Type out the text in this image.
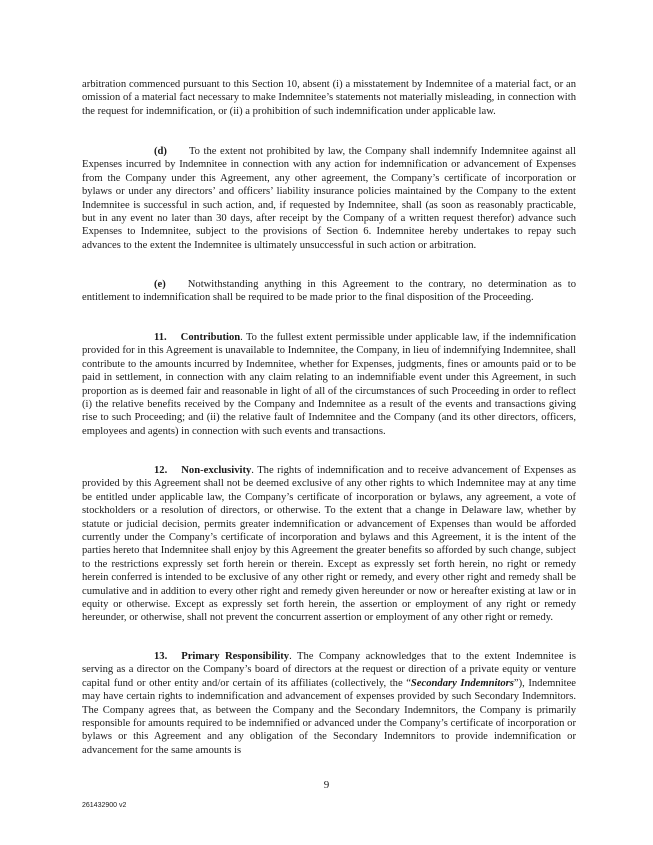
arbitration commenced pursuant to this Section 10, absent (i) a misstatement by Indemnitee of a material fact, or an omission of a material fact necessary to make Indemnitee’s statements not materially misleading, in connection with the request for indemnification, or (ii) a prohibition of such indemnification under applicable law.

(d) To the extent not prohibited by law, the Company shall indemnify Indemnitee against all Expenses incurred by Indemnitee in connection with any action for indemnification or advancement of Expenses from the Company under this Agreement, any other agreement, the Company’s certificate of incorporation or bylaws or under any directors’ and officers’ liability insurance policies maintained by the Company to the extent Indemnitee is successful in such action, and, if requested by Indemnitee, shall (as soon as reasonably practicable, but in any event no later than 30 days, after receipt by the Company of a written request therefor) advance such Expenses to Indemnitee, subject to the provisions of Section 6. Indemnitee hereby undertakes to repay such advances to the extent the Indemnitee is ultimately unsuccessful in such action or arbitration.

(e) Notwithstanding anything in this Agreement to the contrary, no determination as to entitlement to indemnification shall be required to be made prior to the final disposition of the Proceeding.

11. Contribution. To the fullest extent permissible under applicable law, if the indemnification provided for in this Agreement is unavailable to Indemnitee, the Company, in lieu of indemnifying Indemnitee, shall contribute to the amounts incurred by Indemnitee, whether for Expenses, judgments, fines or amounts paid or to be paid in settlement, in connection with any claim relating to an indemnifiable event under this Agreement, in such proportion as is deemed fair and reasonable in light of all of the circumstances of such Proceeding in order to reflect (i) the relative benefits received by the Company and Indemnitee as a result of the events and transactions giving rise to such Proceeding; and (ii) the relative fault of Indemnitee and the Company (and its other directors, officers, employees and agents) in connection with such events and transactions.

12. Non-exclusivity. The rights of indemnification and to receive advancement of Expenses as provided by this Agreement shall not be deemed exclusive of any other rights to which Indemnitee may at any time be entitled under applicable law, the Company’s certificate of incorporation or bylaws, any agreement, a vote of stockholders or a resolution of directors, or otherwise. To the extent that a change in Delaware law, whether by statute or judicial decision, permits greater indemnification or advancement of Expenses than would be afforded currently under the Company’s certificate of incorporation and bylaws and this Agreement, it is the intent of the parties hereto that Indemnitee shall enjoy by this Agreement the greater benefits so afforded by such change, subject to the restrictions expressly set forth herein or therein. Except as expressly set forth herein, no right or remedy herein conferred is intended to be exclusive of any other right or remedy, and every other right and remedy shall be cumulative and in addition to every other right and remedy given hereunder or now or hereafter existing at law or in equity or otherwise. Except as expressly set forth herein, the assertion or employment of any right or remedy hereunder, or otherwise, shall not prevent the concurrent assertion or employment of any other right or remedy.

13. Primary Responsibility. The Company acknowledges that to the extent Indemnitee is serving as a director on the Company’s board of directors at the request or direction of a private equity or venture capital fund or other entity and/or certain of its affiliates (collectively, the “Secondary Indemnitors”), Indemnitee may have certain rights to indemnification and advancement of expenses provided by such Secondary Indemnitors. The Company agrees that, as between the Company and the Secondary Indemnitors, the Company is primarily responsible for amounts required to be indemnified or advanced under the Company’s certificate of incorporation or bylaws or this Agreement and any obligation of the Secondary Indemnitors to provide indemnification or advancement for the same amounts is

9
261432900 v2
